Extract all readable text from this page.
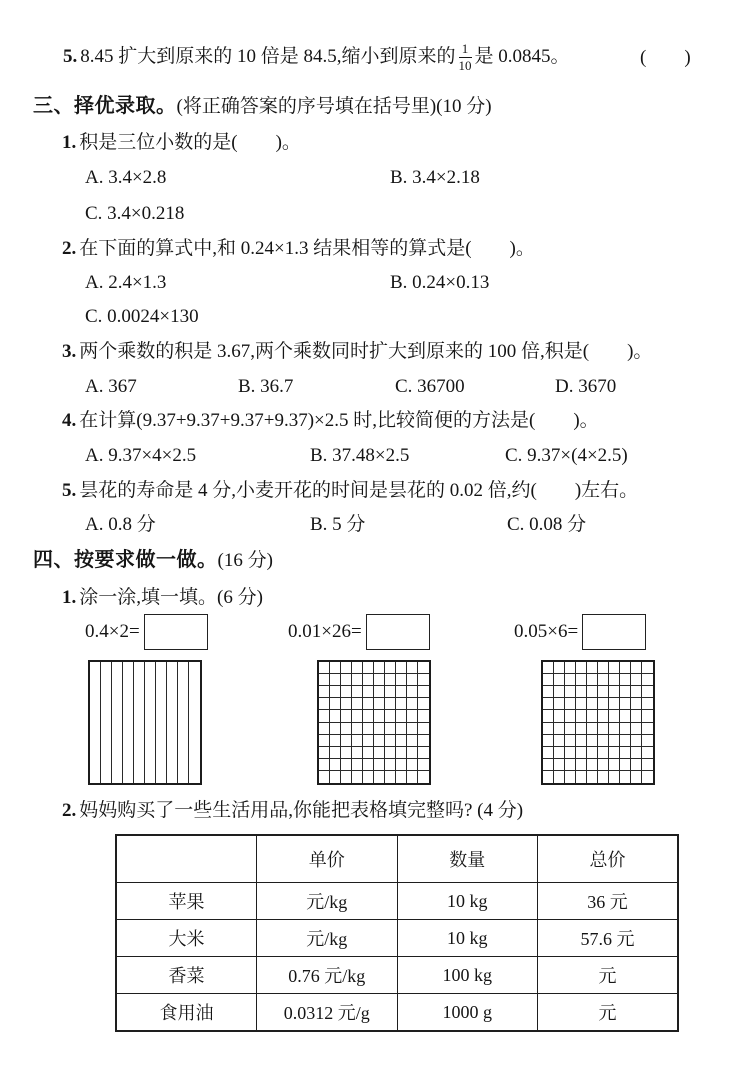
5. 8.45 扩大到原来的 10 倍是 84.5,缩小到原来的 $\frac{1}{10}$ 是 0.0845。	(　　)
三、择优录取。(将正确答案的序号填在括号里)(10 分)
1. 积是三位小数的是(　　)。
A. 3.4×2.8	B. 3.4×2.18
C. 3.4×0.218
2. 在下面的算式中,和 0.24×1.3 结果相等的算式是(　　)。
A. 2.4×1.3	B. 0.24×0.13
C. 0.0024×130
3. 两个乘数的积是 3.67,两个乘数同时扩大到原来的 100 倍,积是(　　)。
A. 367	B. 36.7	C. 36700	D. 3670
4. 在计算(9.37+9.37+9.37+9.37)×2.5 时,比较简便的方法是(　　)。
A. 9.37×4×2.5	B. 37.48×2.5	C. 9.37×(4×2.5)
5. 昙花的寿命是 4 分,小麦开花的时间是昙花的 0.02 倍,约(　　)左右。
A. 0.8 分	B. 5 分	C. 0.08 分
四、按要求做一做。(16 分)
1. 涂一涂,填一填。(6 分)
0.4×2=	0.01×26=	0.05×6=
2. 妈妈购买了一些生活用品,你能把表格填完整吗? (4 分)
	单价	数量	总价
苹果	元/kg	10 kg	36 元
大米	元/kg	10 kg	57.6 元
香菜	0.76 元/kg	100 kg	元
食用油	0.0312 元/g	1000 g	元
